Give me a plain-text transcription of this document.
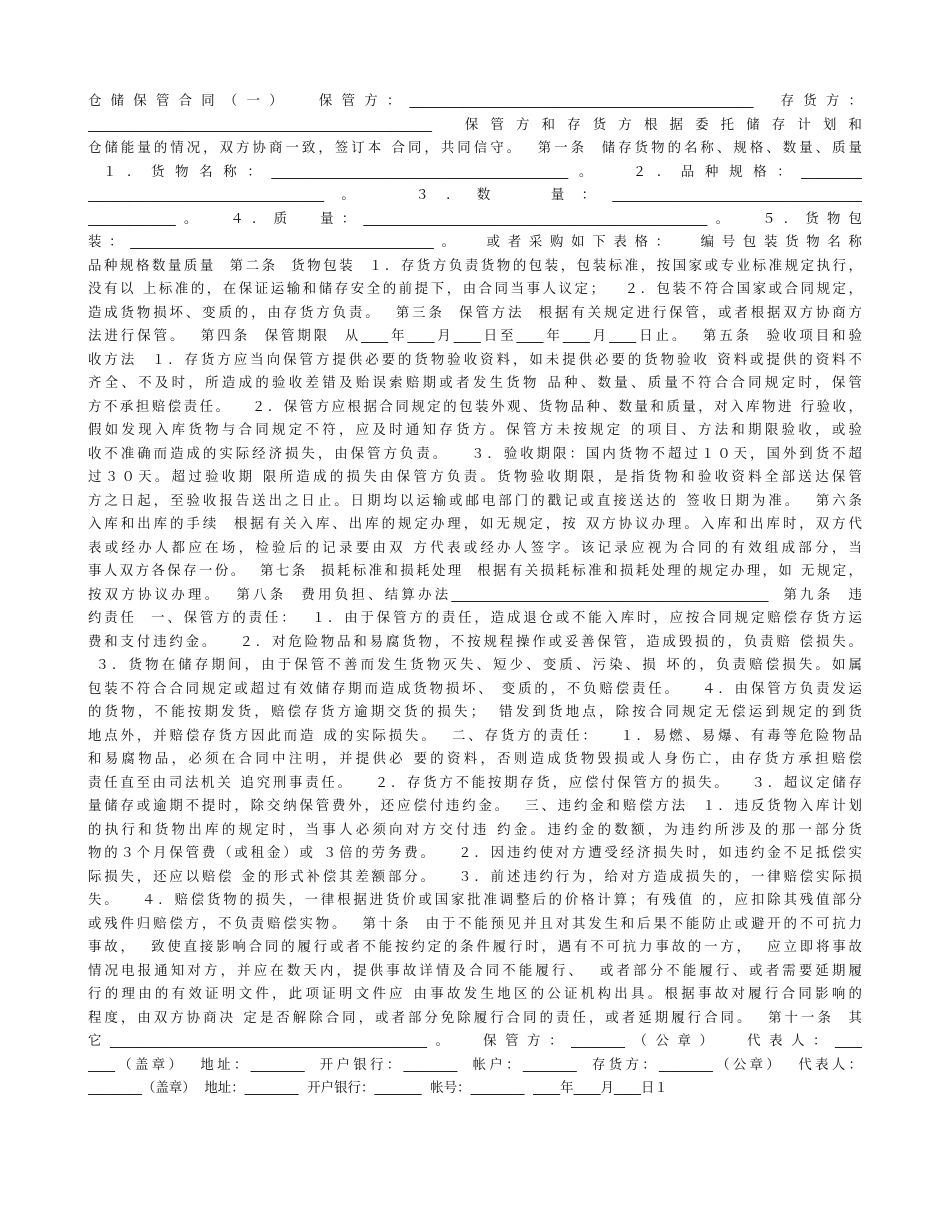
仓储保管合同（一）  保管方：___________________________________________________  存货方：
___________________________________________________  保管方和存货方根据委托储存计划和
仓储能量的情况，双方协商一致，签订本 合同，共同信守。  第一条  储存货物的名称、规格、数量、质量
１．货物名称：____________________________________________。  ２．品种规格：_________
___________________________________。  ３．数  量：_____________________________________
_____________。  ４．质  量：___________________________________________________。  ５．货物包
装：_____________________________________________。  或者采购如下表格：  编号包装货物名称
品种规格数量质量  第二条  货物包装  １．存货方负责货物的包装，包装标准，按国家或专业标准规定执行，
没有以 上标准的，在保证运输和储存安全的前提下，由合同当事人议定；   ２．包装不符合国家或合同规定，
造成货物损坏、变质的，由存货方负责。  第三条  保管方法  根据有关规定进行保管，或者根据双方协商方
法进行保管。  第四条  保管期限  从____年____月____日至____年____月____日止。  第五条  验收项目和验
收方法  １．存货方应当向保管方提供必要的货物验收资料，如未提供必要的货物验收 资料或提供的资料不
齐全、不及时，所造成的验收差错及贻误索赔期或者发生货物 品种、数量、质量不符合合同规定时，保管
方不承担赔偿责任。   ２．保管方应根据合同规定的包装外观、货物品种、数量和质量，对入库物进 行验收，
假如发现入库货物与合同规定不符，应及时通知存货方。保管方未按规定 的项目、方法和期限验收，或验
收不准确而造成的实际经济损失，由保管方负责。   ３．验收期限：国内货物不超过１０天，国外到货不超
过３０天。超过验收期 限所造成的损失由保管方负责。货物验收期限，是指货物和验收资料全部送达保管
方之日起，至验收报告送出之日止。日期均以运输或邮电部门的戳记或直接送达的 签收日期为准。  第六条
入库和出库的手续  根据有关入库、出库的规定办理，如无规定，按 双方协议办理。入库和出库时，双方代
表或经办人都应在场，检验后的记录要由双 方代表或经办人签字。该记录应视为合同的有效组成部分，当
事人双方各保存一份。  第七条  损耗标准和损耗处理  根据有关损耗标准和损耗处理的规定办理，如 无规定，
按双方协议办理。  第八条  费用负担、结算办法_______________________________________________  第九条  违
约责任  一、保管方的责任：  １．由于保管方的责任，造成退仓或不能入库时，应按合同规定赔偿存货方运
费和支付违约金。   ２．对危险物品和易腐货物，不按规程操作或妥善保管，造成毁损的，负责赔 偿损失。
３．货物在储存期间，由于保管不善而发生货物灭失、短少、变质、污染、损 坏的，负责赔偿损失。如属
包装不符合合同规定或超过有效储存期而造成货物损坏、 变质的，不负赔偿责任。   ４．由保管方负责发运
的货物，不能按期发货，赔偿存货方逾期交货的损失；  错发到货地点，除按合同规定无偿运到规定的到货
地点外，并赔偿存货方因此而造 成的实际损失。  二、存货方的责任：   １．易燃、易爆、有毒等危险物品
和易腐物品，必须在合同中注明，并提供必 要的资料，否则造成货物毁损或人身伤亡，由存货方承担赔偿
责任直至由司法机关 追究刑事责任。   ２．存货方不能按期存货，应偿付保管方的损失。   ３．超议定储存
量储存或逾期不提时，除交纳保管费外，还应偿付违约金。  三、违约金和赔偿方法  １．违反货物入库计划
的执行和货物出库的规定时，当事人必须向对方交付违 约金。违约金的数额，为违约所涉及的那一部分货
物的３个月保管费（或租金）或 ３倍的劳务费。   ２．因违约使对方遭受经济损失时，如违约金不足抵偿实
际损失，还应以赔偿 金的形式补偿其差额部分。   ３．前述违约行为，给对方造成损失的，一律赔偿实际损
失。   ４．赔偿货物的损失，一律根据进货价或国家批准调整后的价格计算；有残值 的，应扣除其残值部分
或残件归赔偿方，不负责赔偿实物。  第十条  由于不能预见并且对其发生和后果不能防止或避开的不可抗力
事故，  致使直接影响合同的履行或者不能按约定的条件履行时，遇有不可抗力事故的一方，  应立即将事故
情况电报通知对方，并应在数天内，提供事故详情及合同不能履行、  或者部分不能履行、或者需要延期履
行的理由的有效证明文件，此项证明文件应 由事故发生地区的公证机构出具。根据事故对履行合同影响的
程度，由双方协商决 定是否解除合同，或者部分免除履行合同的责任，或者延期履行合同。  第十一条  其
它_______________________________________________。  保管方：________（公章）  代表人：____
____（盖章）  地址：________  开户银行：________  帐户：________  存货方：________（公章）  代表人：
________（盖章）  地址：________  开户银行：_______  帐号：________  ____年____月____日１
